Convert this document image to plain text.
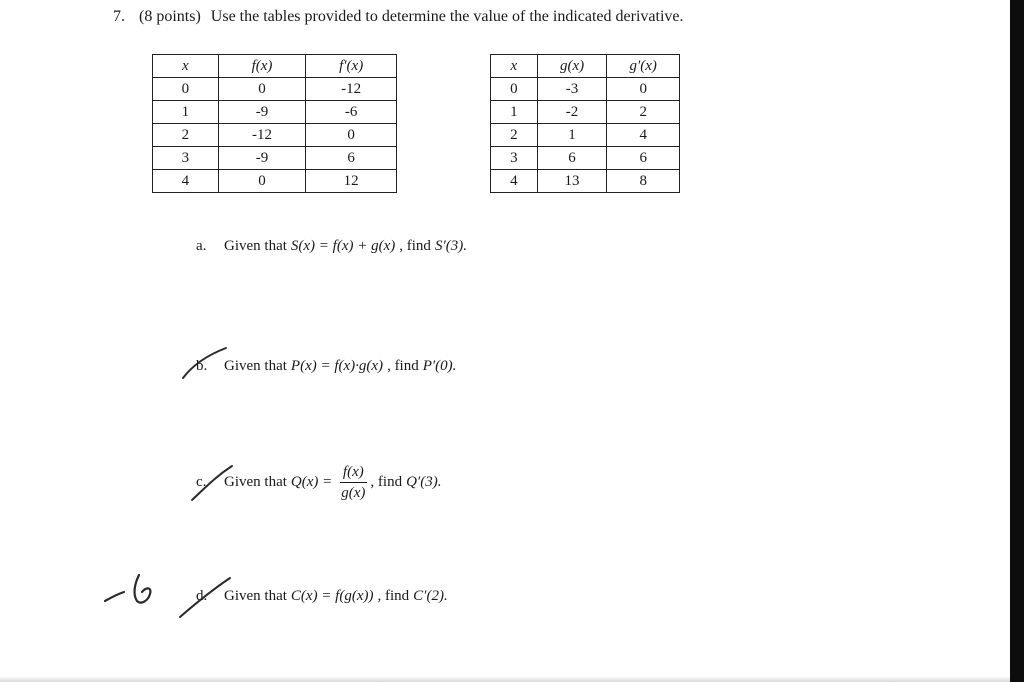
7. (8 points) Use the tables provided to determine the value of the indicated derivative.
x	f(x)	f′(x)
0	0	-12
1	-9	-6
2	-12	0
3	-9	6
4	0	12
x	g(x)	g′(x)
0	-3	0
1	-2	2
2	1	4
3	6	6
4	13	8
a.	Given that S(x) = f(x) + g(x) , find S′(3).
b.	Given that P(x) = f(x)·g(x) , find P′(0).
c.	Given that $Q(x) = \frac{f(x)}{g(x)}$ , find Q′(3).
d.	Given that C(x) = f(g(x)) , find C′(2).
